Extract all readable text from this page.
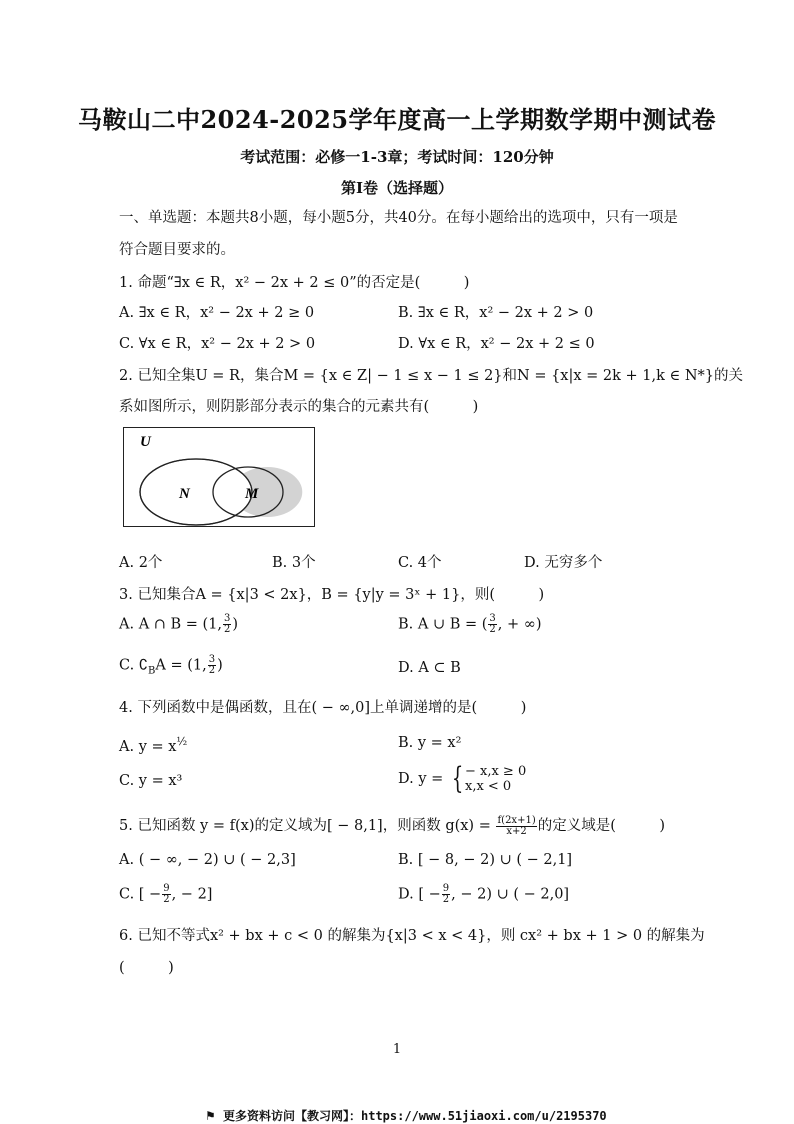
马鞍山二中2024-2025学年度高一上学期数学期中测试卷
考试范围：必修一1-3章；考试时间：120分钟
第I卷（选择题）
一、单选题：本题共8小题，每小题5分，共40分。在每小题给出的选项中，只有一项是
符合题目要求的。
1. 命题“∃x ∈ R，x² − 2x + 2 ≤ 0”的否定是(　　　)
A. ∃x ∈ R，x² − 2x + 2 ≥ 0	B. ∃x ∈ R，x² − 2x + 2 > 0
C. ∀x ∈ R，x² − 2x + 2 > 0	D. ∀x ∈ R，x² − 2x + 2 ≤ 0
2. 已知全集U = R，集合M = {x ∈ Z| − 1 ≤ x − 1 ≤ 2}和N = {x|x = 2k + 1,k ∈ N*}的关
系如图所示，则阴影部分表示的集合的元素共有(　　　)
U
N	M
A. 2个	B. 3个	C. 4个	D. 无穷多个
3. 已知集合A = {x|3 < 2x}，B = {y|y = 3ˣ + 1}，则(　　　)
A. A ∩ B = (1, $\frac{3}{2}$ )	B. A ∪ B = ( $\frac{3}{2}$ , + ∞)
C. $∁_BA = (1$, $\frac{3}{2}$ )	D. A ⊂ B
4. 下列函数中是偶函数，且在( − ∞,0]上单调递增的是(　　　)
A. $y = x^{\frac{1}{2}}$	B. y = x²
C. y = x³	D. y = { − x,x ≥ 0
x,x < 0
5. 已知函数 y = f(x)的定义域为[ − 8,1]，则函数 $g(x) = \frac{f(2x+1)}{x+2}$ 的定义域是(　　　)
A. ( − ∞, − 2) ∪ ( − 2,3]	B. [ − 8, − 2) ∪ ( − 2,1]
C. [ − $\frac{9}{2}$ , − 2]	D. [ − $\frac{9}{2}$ , − 2) ∪ ( − 2,0]
6. 已知不等式x² + bx + c < 0 的解集为{x|3 < x < 4}，则 cx² + bx + 1 > 0 的解集为
(　　　)
1
⚑ 更多资料访问【教习网】：https://www.51jiaoxi.com/u/2195370
